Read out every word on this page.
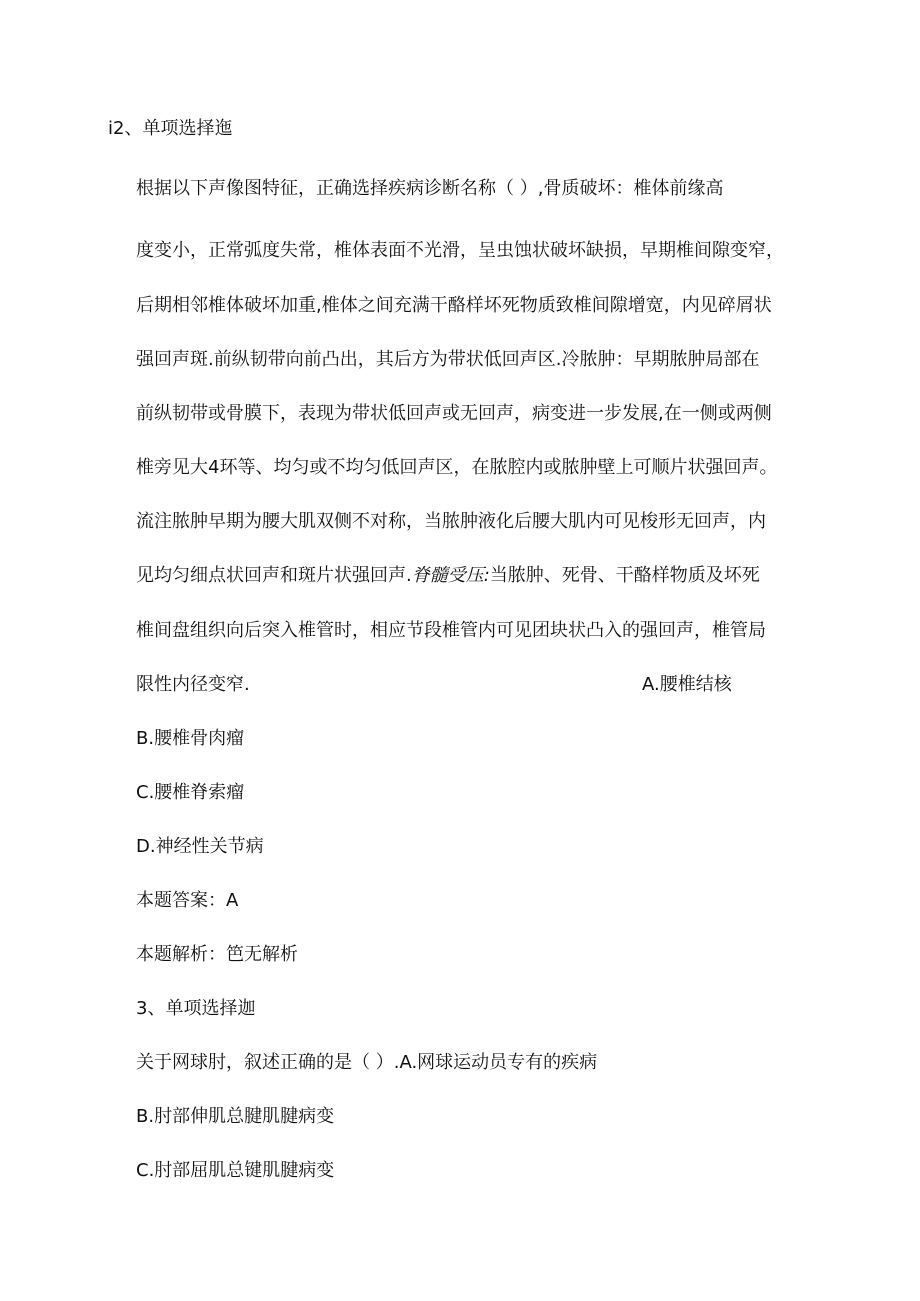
i2、单项选择迤
根据以下声像图特征，正确选择疾病诊断名称（ ）,骨质破坏：椎体前缘高
度变小，正常弧度失常，椎体表面不光滑，呈虫蚀状破坏缺损，早期椎间隙变窄，
后期相邻椎体破坏加重,椎体之间充满干酪样坏死物质致椎间隙增宽，内见碎屑状
强回声斑.前纵韧带向前凸出，其后方为带状低回声区.冷脓肿：早期脓肿局部在
前纵韧带或骨膜下，表现为带状低回声或无回声，病变进一步发展,在一侧或两侧
椎旁见大4环等、均匀或不均匀低回声区，在脓腔内或脓肿壁上可顺片状强回声。
流注脓肿早期为腰大肌双侧不对称，当脓肿液化后腰大肌内可见梭形无回声，内
见均匀细点状回声和斑片状强回声.脊髓受压:当脓肿、死骨、干酪样物质及坏死
椎间盘组织向后突入椎管时，相应节段椎管内可见团块状凸入的强回声，椎管局
限性内径变窄.	A.腰椎结核
B.腰椎骨肉瘤
C.腰椎脊索瘤
D.神经性关节病
本题答案：A
本题解析：笆无解析
3、单项选择迦
关于网球肘，叙述正确的是（ ）.A.网球运动员专有的疾病
B.肘部伸肌总腱肌腱病变
C.肘部屈肌总键肌腱病变
